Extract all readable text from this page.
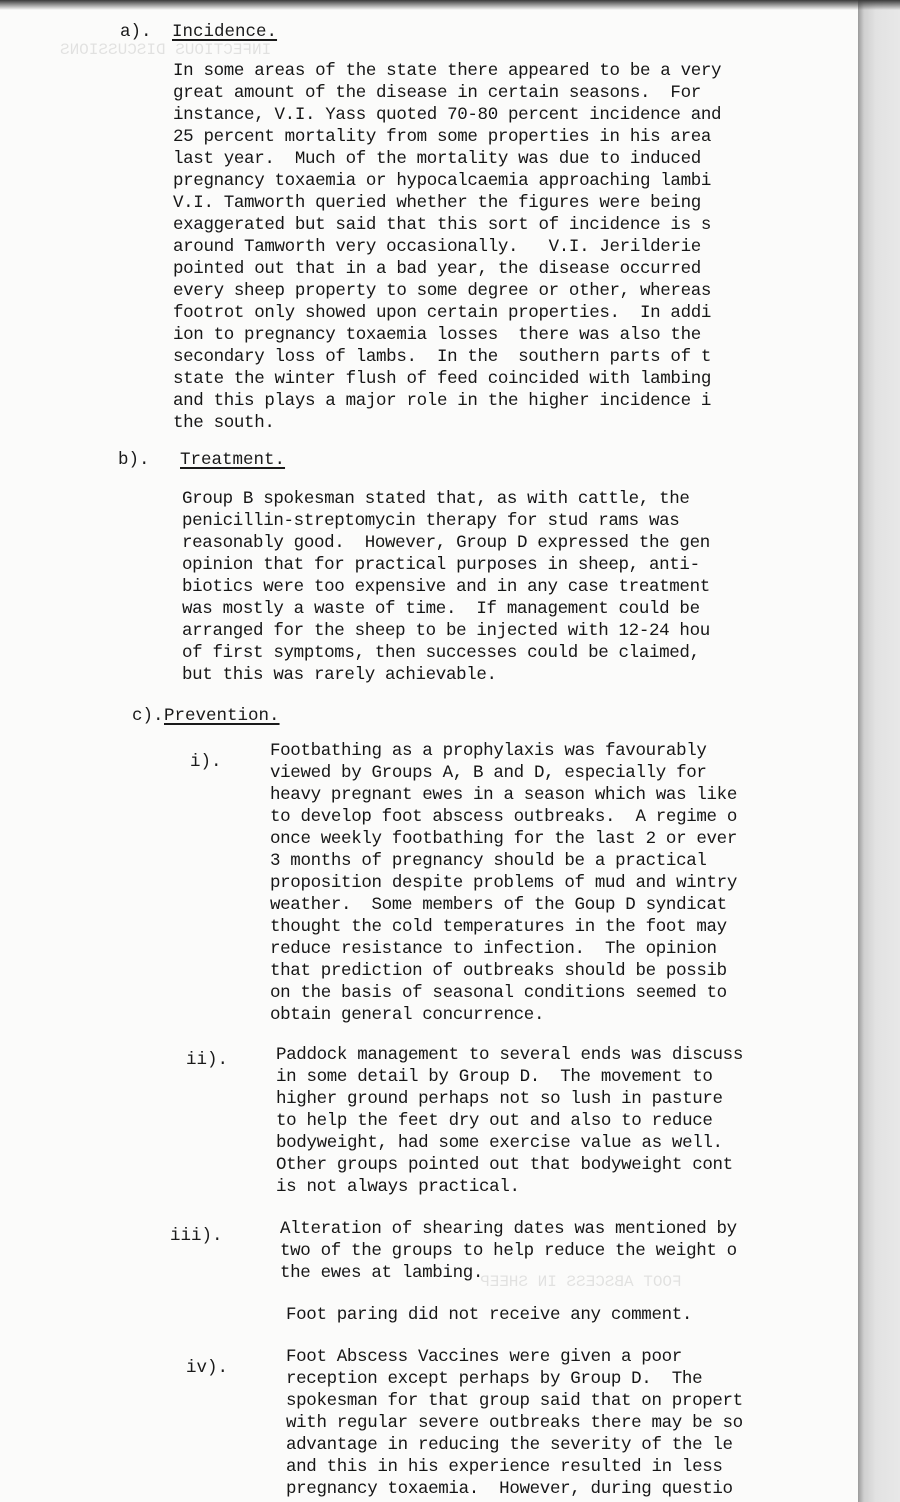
INFECTIOUS DISCUSSIONS
FOOT ABSCESS IN SHEEP
a). Incidence.
In some areas of the state there appeared to be a very
great amount of the disease in certain seasons.  For
instance, V.I. Yass quoted 70-80 percent incidence and
25 percent mortality from some properties in his area
last year.  Much of the mortality was due to induced
pregnancy toxaemia or hypocalcaemia approaching lambi
V.I. Tamworth queried whether the figures were being
exaggerated but said that this sort of incidence is s
around Tamworth very occasionally.   V.I. Jerilderie
pointed out that in a bad year, the disease occurred
every sheep property to some degree or other, whereas
footrot only showed upon certain properties.  In addi
ion to pregnancy toxaemia losses  there was also the
secondary loss of lambs.  In the  southern parts of t
state the winter flush of feed coincided with lambing
and this plays a major role in the higher incidence i
the south.
b). Treatment.
Group B spokesman stated that, as with cattle, the
penicillin-streptomycin therapy for stud rams was
reasonably good.  However, Group D expressed the gen
opinion that for practical purposes in sheep, anti-
biotics were too expensive and in any case treatment
was mostly a waste of time.  If management could be
arranged for the sheep to be injected with 12-24 hou
of first symptoms, then successes could be claimed,
but this was rarely achievable.
c). Prevention.
i).
Footbathing as a prophylaxis was favourably
viewed by Groups A, B and D, especially for
heavy pregnant ewes in a season which was like
to develop foot abscess outbreaks.  A regime o
once weekly footbathing for the last 2 or ever
3 months of pregnancy should be a practical
proposition despite problems of mud and wintry
weather.  Some members of the Goup D syndicat
thought the cold temperatures in the foot may
reduce resistance to infection.  The opinion
that prediction of outbreaks should be possib
on the basis of seasonal conditions seemed to
obtain general concurrence.
ii).	Paddock management to several ends was discuss
in some detail by Group D.  The movement to
higher ground perhaps not so lush in pasture
to help the feet dry out and also to reduce
bodyweight, had some exercise value as well.
Other groups pointed out that bodyweight cont
is not always practical.
iii).	Alteration of shearing dates was mentioned by
two of the groups to help reduce the weight o
the ewes at lambing.
Foot paring did not receive any comment.
iv).
Foot Abscess Vaccines were given a poor
reception except perhaps by Group D.  The
spokesman for that group said that on propert
with regular severe outbreaks there may be so
advantage in reducing the severity of the le
and this in his experience resulted in less
pregnancy toxaemia.  However, during questio
